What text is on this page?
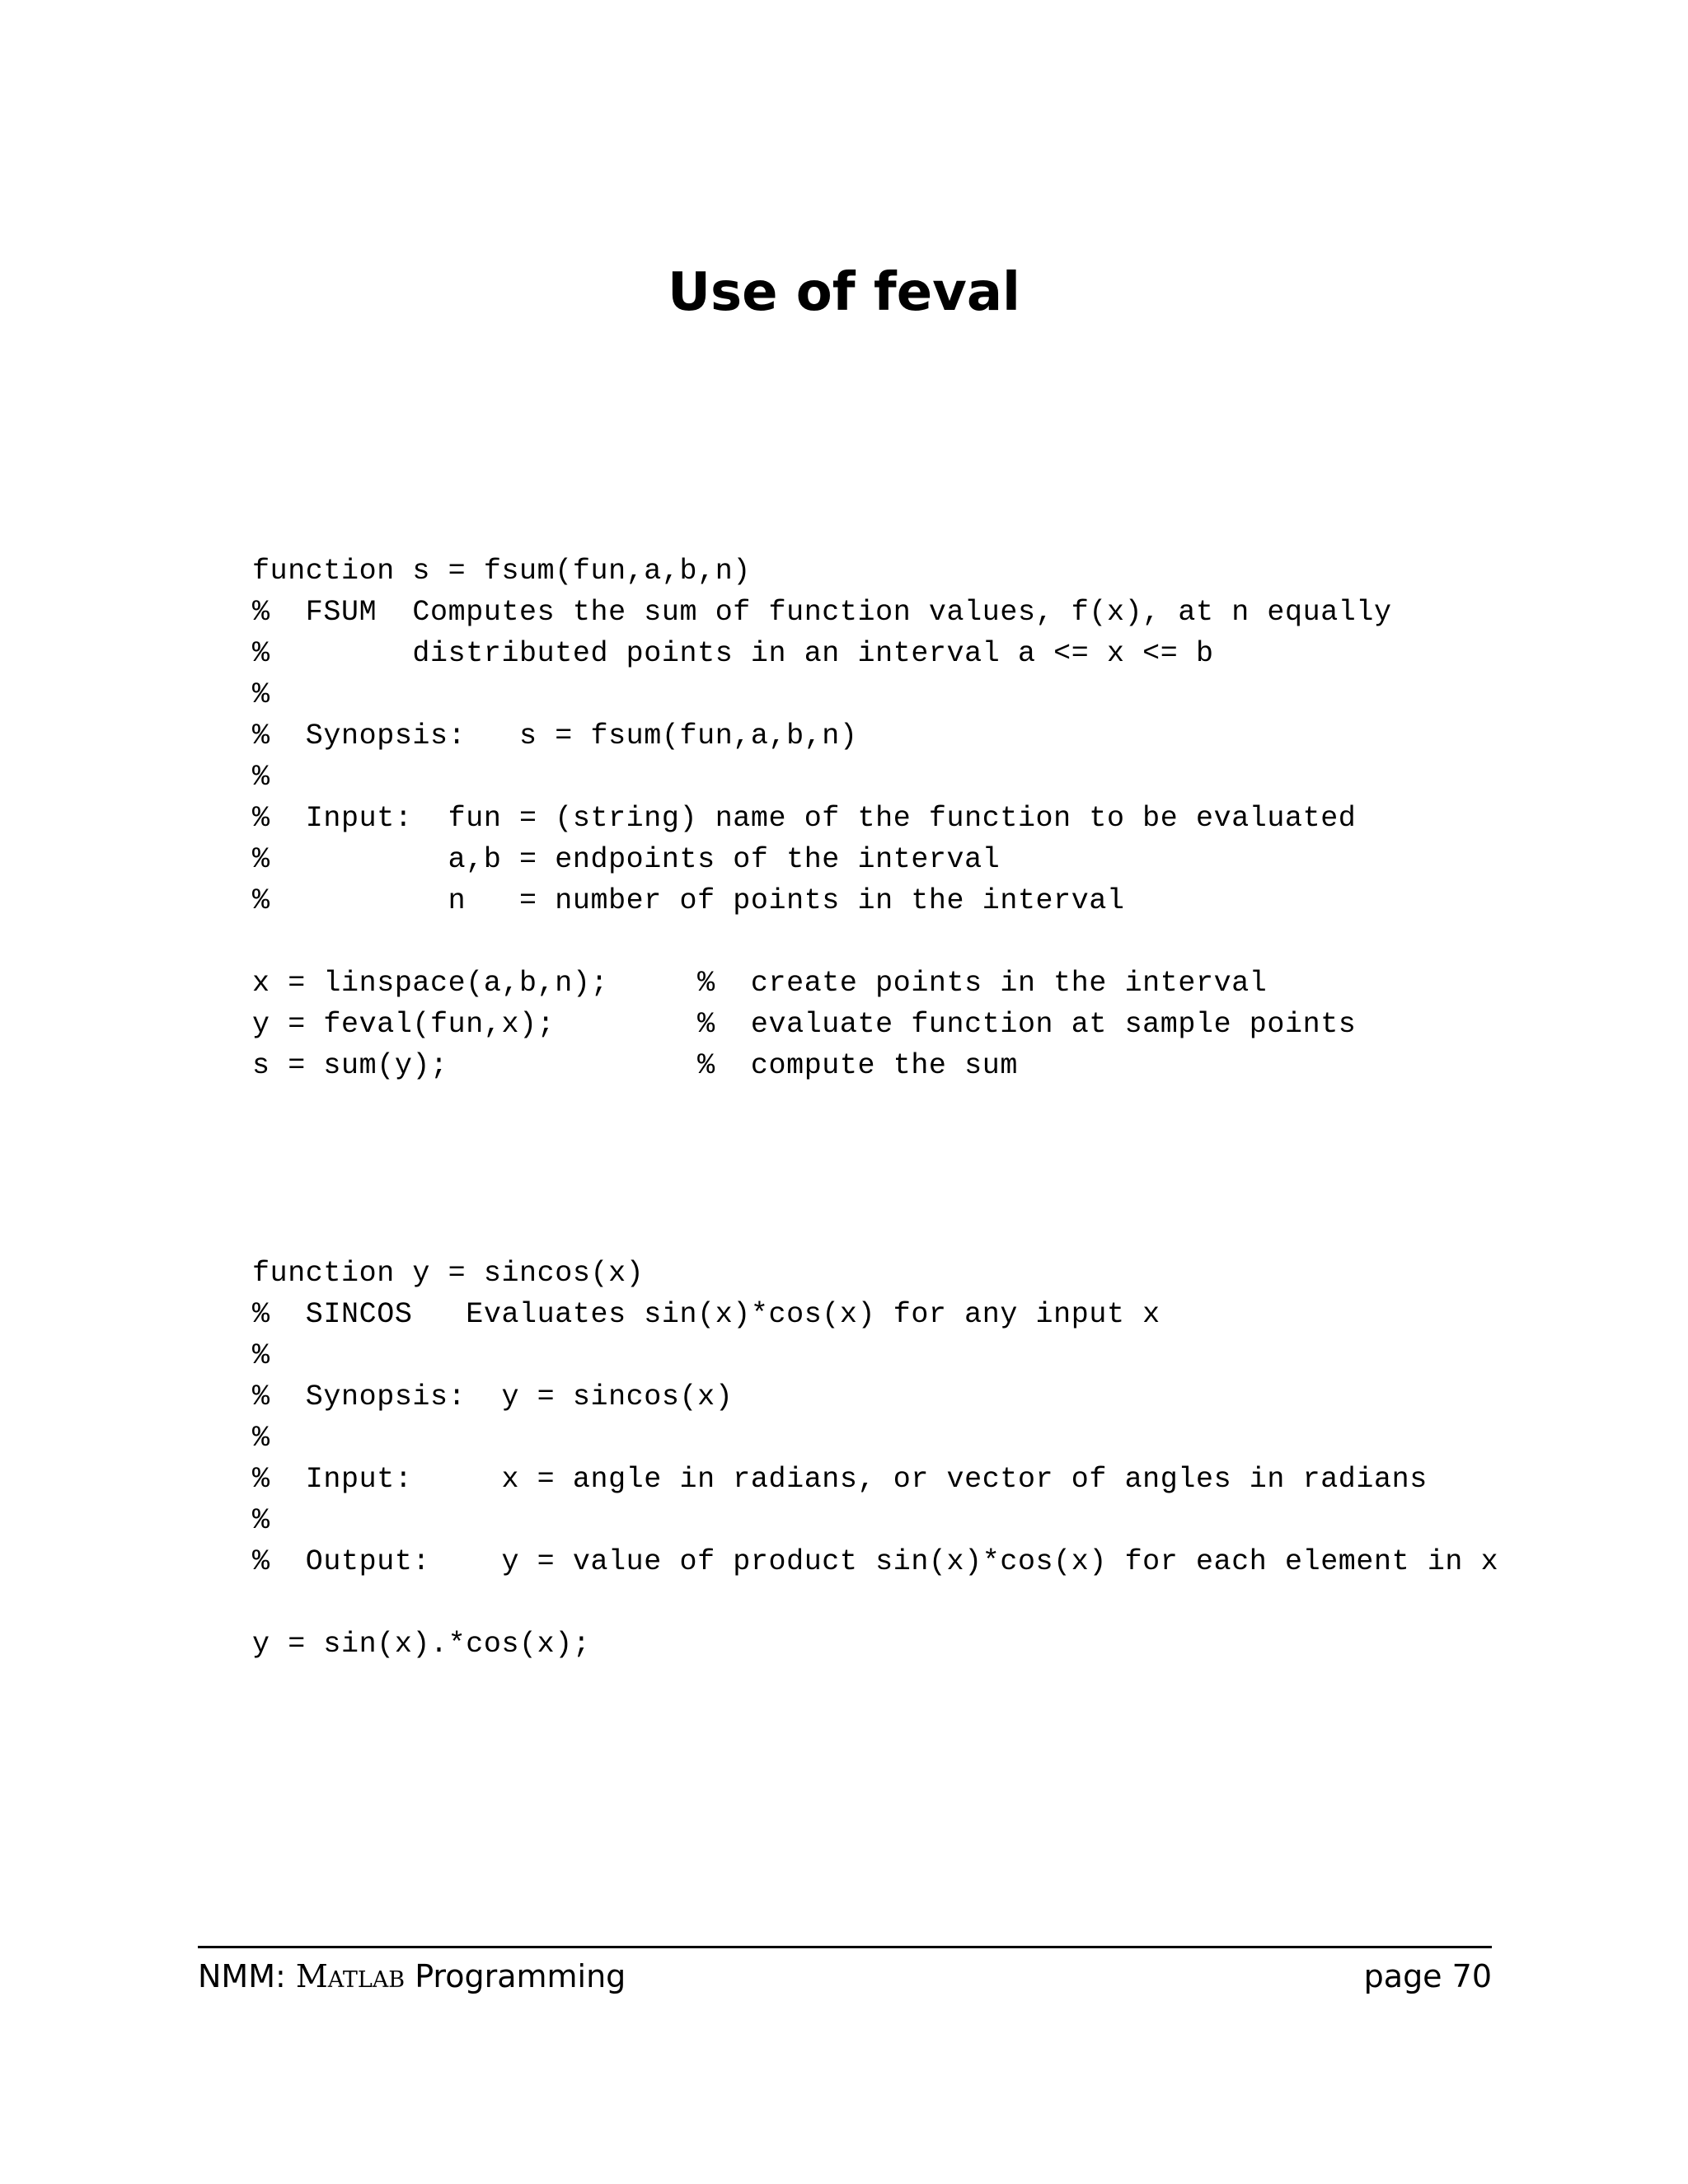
Use of feval
function s = fsum(fun,a,b,n)
%  FSUM  Computes the sum of function values, f(x), at n equally
%        distributed points in an interval a <= x <= b
%
%  Synopsis:   s = fsum(fun,a,b,n)
%
%  Input:  fun = (string) name of the function to be evaluated
%          a,b = endpoints of the interval
%          n   = number of points in the interval
x = linspace(a,b,n);     %  create points in the interval
y = feval(fun,x);        %  evaluate function at sample points
s = sum(y);              %  compute the sum
function y = sincos(x)
%  SINCOS   Evaluates sin(x)*cos(x) for any input x
%
%  Synopsis:  y = sincos(x)
%
%  Input:     x = angle in radians, or vector of angles in radians
%
%  Output:    y = value of product sin(x)*cos(x) for each element in x
y = sin(x).*cos(x);
NMM: Matlab Programming	page 70
